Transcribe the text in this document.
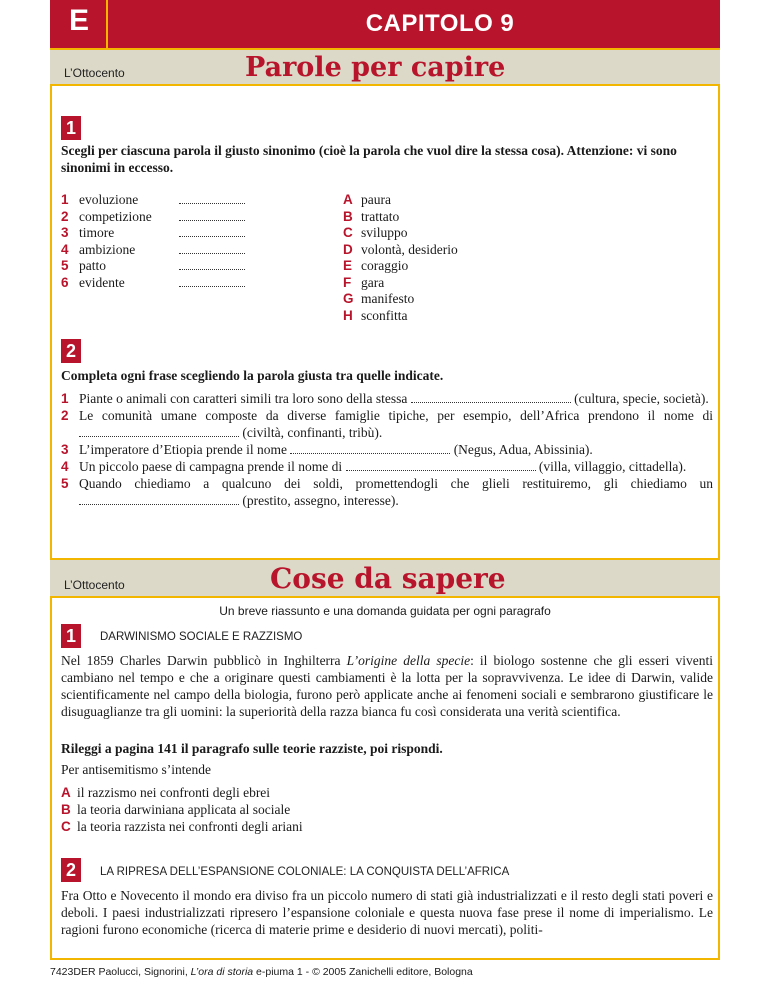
E	CAPITOLO 9
L’Ottocento	Parole per capire
1
Scegli per ciascuna parola il giusto sinonimo (cioè la parola che vuol dire la stessa cosa). Attenzione: vi sono sinonimi in eccesso.
1 evoluzione
2 competizione
3 timore
4 ambizione
5 patto
6 evidente
A paura
B trattato
C sviluppo
D volontà, desiderio
E coraggio
F gara
G manifesto
H sconfitta
2
Completa ogni frase scegliendo la parola giusta tra quelle indicate.
1 Piante o animali con caratteri simili tra loro sono della stessa	(cultura, specie, società).
2 Le comunità umane composte da diverse famiglie tipiche, per esempio, dell’Africa prendono il nome di  (civiltà, confinanti, tribù).
3 L’imperatore d’Etiopia prende il nome	(Negus, Adua, Abissinia).
4 Un piccolo paese di campagna prende il nome di	(villa, villaggio, cittadella).
5 Quando chiediamo a qualcuno dei soldi, promettendogli che glieli restituiremo, gli chiediamo un  (prestito, assegno, interesse).
L’Ottocento	Cose da sapere
Un breve riassunto e una domanda guidata per ogni paragrafo
1	DARWINISMO SOCIALE E RAZZISMO
Nel 1859 Charles Darwin pubblicò in Inghilterra L’origine della specie: il biologo sostenne che gli esseri viventi cambiano nel tempo e che a originare questi cambiamenti è la lotta per la sopravvivenza. Le idee di Darwin, valide scientificamente nel campo della biologia, furono però applicate anche ai fenomeni sociali e sembrarono giustificare le disuguaglianze tra gli uomini: la superiorità della razza bianca fu così considerata una verità scientifica.
Rileggi a pagina 141 il paragrafo sulle teorie razziste, poi rispondi.
Per antisemitismo s’intende
A il razzismo nei confronti degli ebrei
B la teoria darwiniana applicata al sociale
C la teoria razzista nei confronti degli ariani
2	LA RIPRESA DELL’ESPANSIONE COLONIALE: LA CONQUISTA DELL’AFRICA
Fra Otto e Novecento il mondo era diviso fra un piccolo numero di stati già industrializzati e il resto degli stati poveri e deboli. I paesi industrializzati ripresero l’espansione coloniale e questa nuova fase prese il nome di imperialismo. Le ragioni furono economiche (ricerca di materie prime e desiderio di nuovi mercati), politi-
7423DER Paolucci, Signorini, L’ora di storia e-piuma 1 - © 2005 Zanichelli editore, Bologna
